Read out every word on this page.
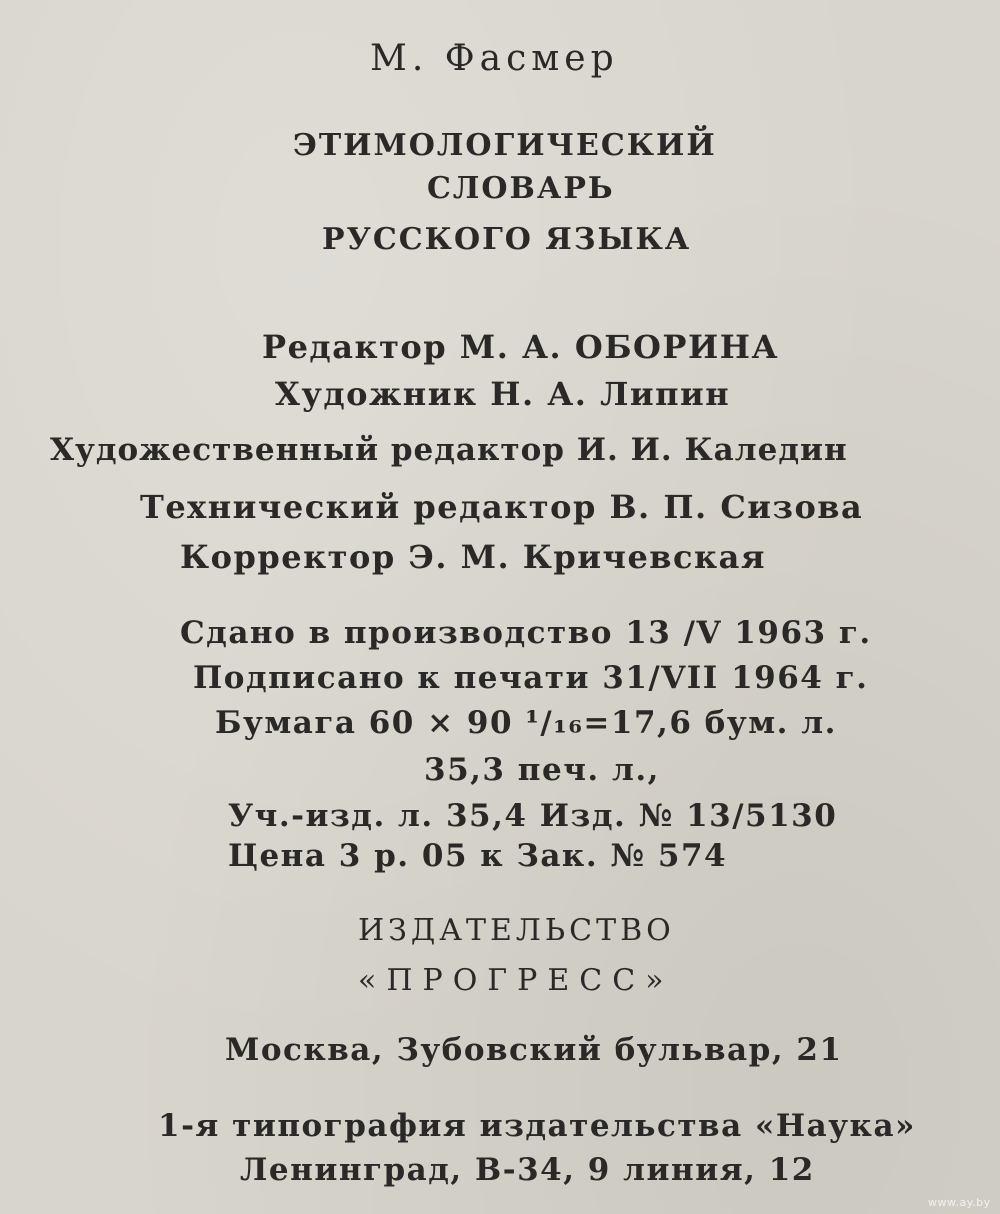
М. Фасмер
ЭТИМОЛОГИЧЕСКИЙ
СЛОВАРЬ
РУССКОГО ЯЗЫКА
Редактор М. А. ОБОРИНА
Художник Н. А. Липин
Художественный редактор И. И. Каледин
Технический редактор В. П. Сизова
Корректор Э. М. Кричевская
Сдано в производство 13 /V 1963 г.
Подписано к печати 31/VII 1964 г.
Бумага 60 × 90 ¹/₁₆=17,6 бум. л.
35,3 печ. л.,
Уч.-изд. л. 35,4 Изд. № 13/5130
Цена 3 р. 05 к Зак. № 574
ИЗДАТЕЛЬСТВО
«ПРОГРЕСС»
Москва, Зубовский бульвар, 21
1-я типография издательства «Наука»
Ленинград, В-34, 9 линия, 12
www.ay.by
